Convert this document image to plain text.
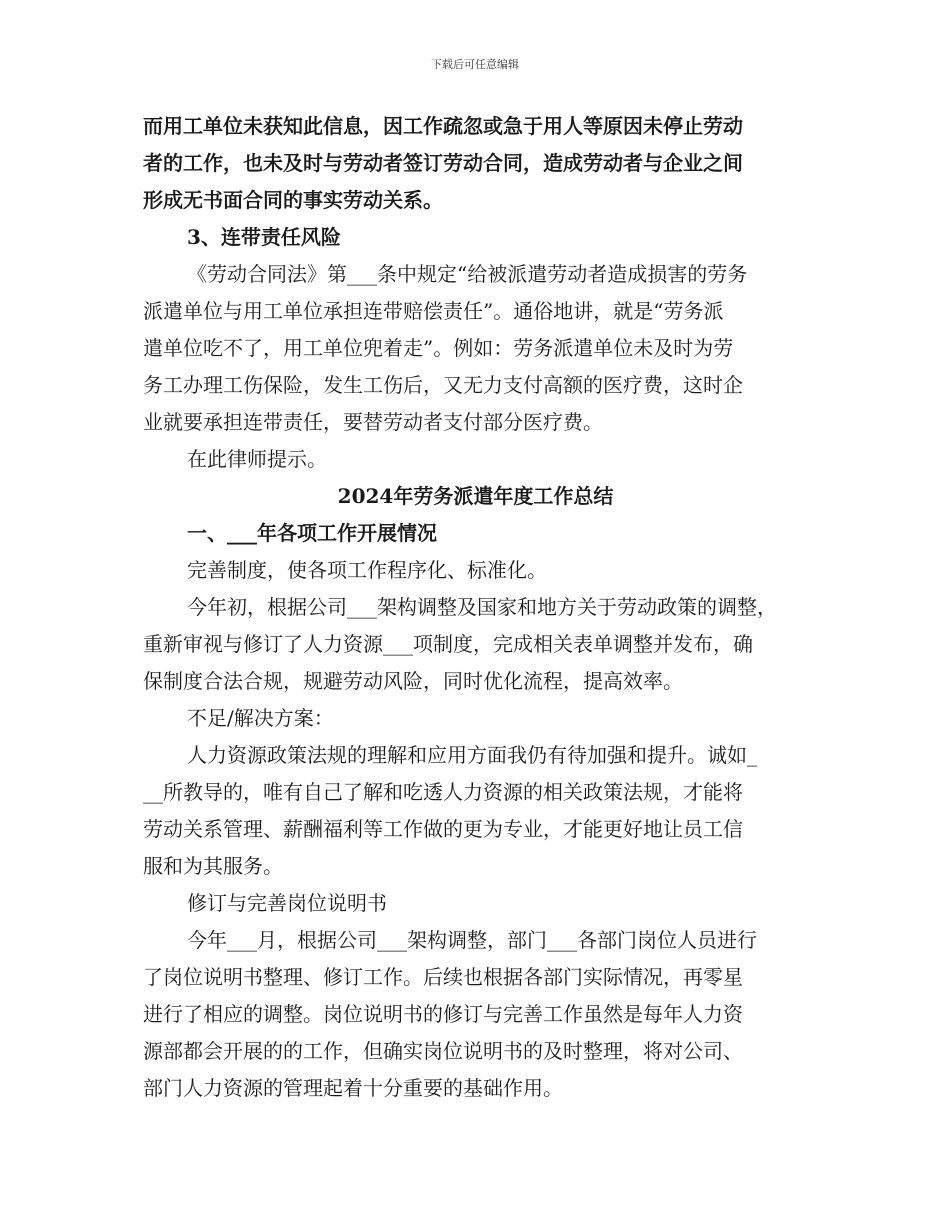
下载后可任意编辑
而用工单位未获知此信息，因工作疏忽或急于用人等原因未停止劳动
者的工作，也未及时与劳动者签订劳动合同，造成劳动者与企业之间
形成无书面合同的事实劳动关系。
3、连带责任风险
《劳动合同法》第___条中规定“给被派遣劳动者造成损害的劳务
派遣单位与用工单位承担连带赔偿责任”。通俗地讲，就是“劳务派
遣单位吃不了，用工单位兜着走”。例如：劳务派遣单位未及时为劳
务工办理工伤保险，发生工伤后，又无力支付高额的医疗费，这时企
业就要承担连带责任，要替劳动者支付部分医疗费。
在此律师提示。
2024年劳务派遣年度工作总结
一、___年各项工作开展情况
完善制度，使各项工作程序化、标准化。
今年初，根据公司___架构调整及国家和地方关于劳动政策的调整，
重新审视与修订了人力资源___项制度，完成相关表单调整并发布，确
保制度合法合规，规避劳动风险，同时优化流程，提高效率。
不足/解决方案：
人力资源政策法规的理解和应用方面我仍有待加强和提升。诚如_
__所教导的，唯有自己了解和吃透人力资源的相关政策法规，才能将
劳动关系管理、薪酬福利等工作做的更为专业，才能更好地让员工信
服和为其服务。
修订与完善岗位说明书
今年___月，根据公司___架构调整，部门___各部门岗位人员进行
了岗位说明书整理、修订工作。后续也根据各部门实际情况，再零星
进行了相应的调整。岗位说明书的修订与完善工作虽然是每年人力资
源部都会开展的的工作，但确实岗位说明书的及时整理，将对公司、
部门人力资源的管理起着十分重要的基础作用。
